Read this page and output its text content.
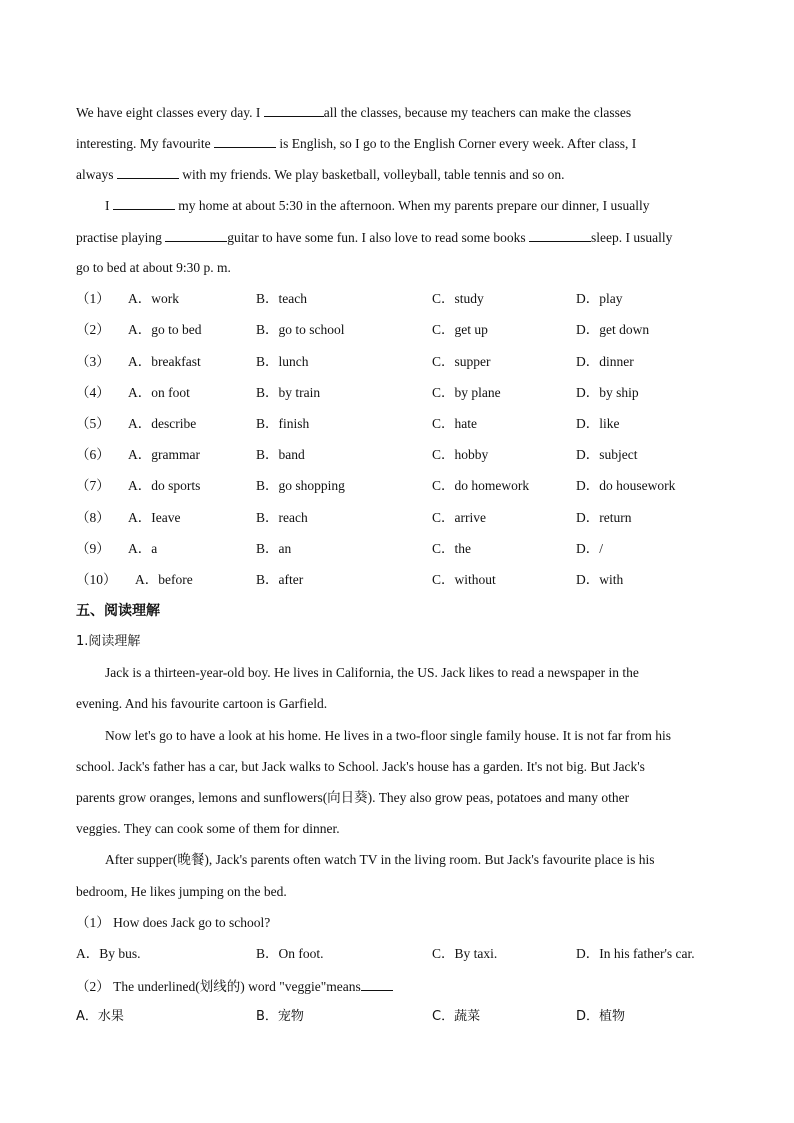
We have eight classes every day. I	all the classes, because my teachers can make the classes
interesting. My favourite	is English, so I go to the English Corner every week. After class, I
always	with my friends. We play basketball, volleyball, table tennis and so on.
I	my home at about 5:30 in the afternoon. When my parents prepare our dinner, I usually
practise playing	guitar to have some fun. I also love to read some books	sleep. I usually
go to bed at about 9:30 p. m.
（1） A．work	B．teach	C．study	D．play
（2） A．go to bed	B．go to school	C．get up	D．get down
（3） A．breakfast	B．lunch	C．supper	D．dinner
（4） A．on foot	B．by train	C．by plane	D．by ship
（5） A．describe	B．finish	C．hate	D．like
（6） A．grammar	B．band	C．hobby	D．subject
（7） A．do sports	B．go shopping	C．do homework	D．do housework
（8） A．Ieave	B．reach	C．arrive	D．return
（9） A．a	B．an	C．the	D．/
（10） A．before	B．after	C．without	D．with
五、阅读理解
1.阅读理解
Jack is a thirteen-year-old boy. He lives in California, the US. Jack likes to read a newspaper in the
evening. And his favourite cartoon is Garfield.
Now let's go to have a look at his home. He lives in a two-floor single family house. It is not far from his
school. Jack's father has a car, but Jack walks to School. Jack's house has a garden. It's not big. But Jack's
parents grow oranges, lemons and sunflowers(向日葵). They also grow peas, potatoes and many other
veggies. They can cook some of them for dinner.
After supper(晚餐), Jack's parents often watch TV in the living room. But Jack's favourite place is his
bedroom, He likes jumping on the bed.
（1） How does Jack go to school?
A．By bus.	B．On foot.	C．By taxi.	D．In his father's car.
（2） The underlined(划线的) word "veggie"means
A．水果	B．宠物	C．蔬菜	D．植物
